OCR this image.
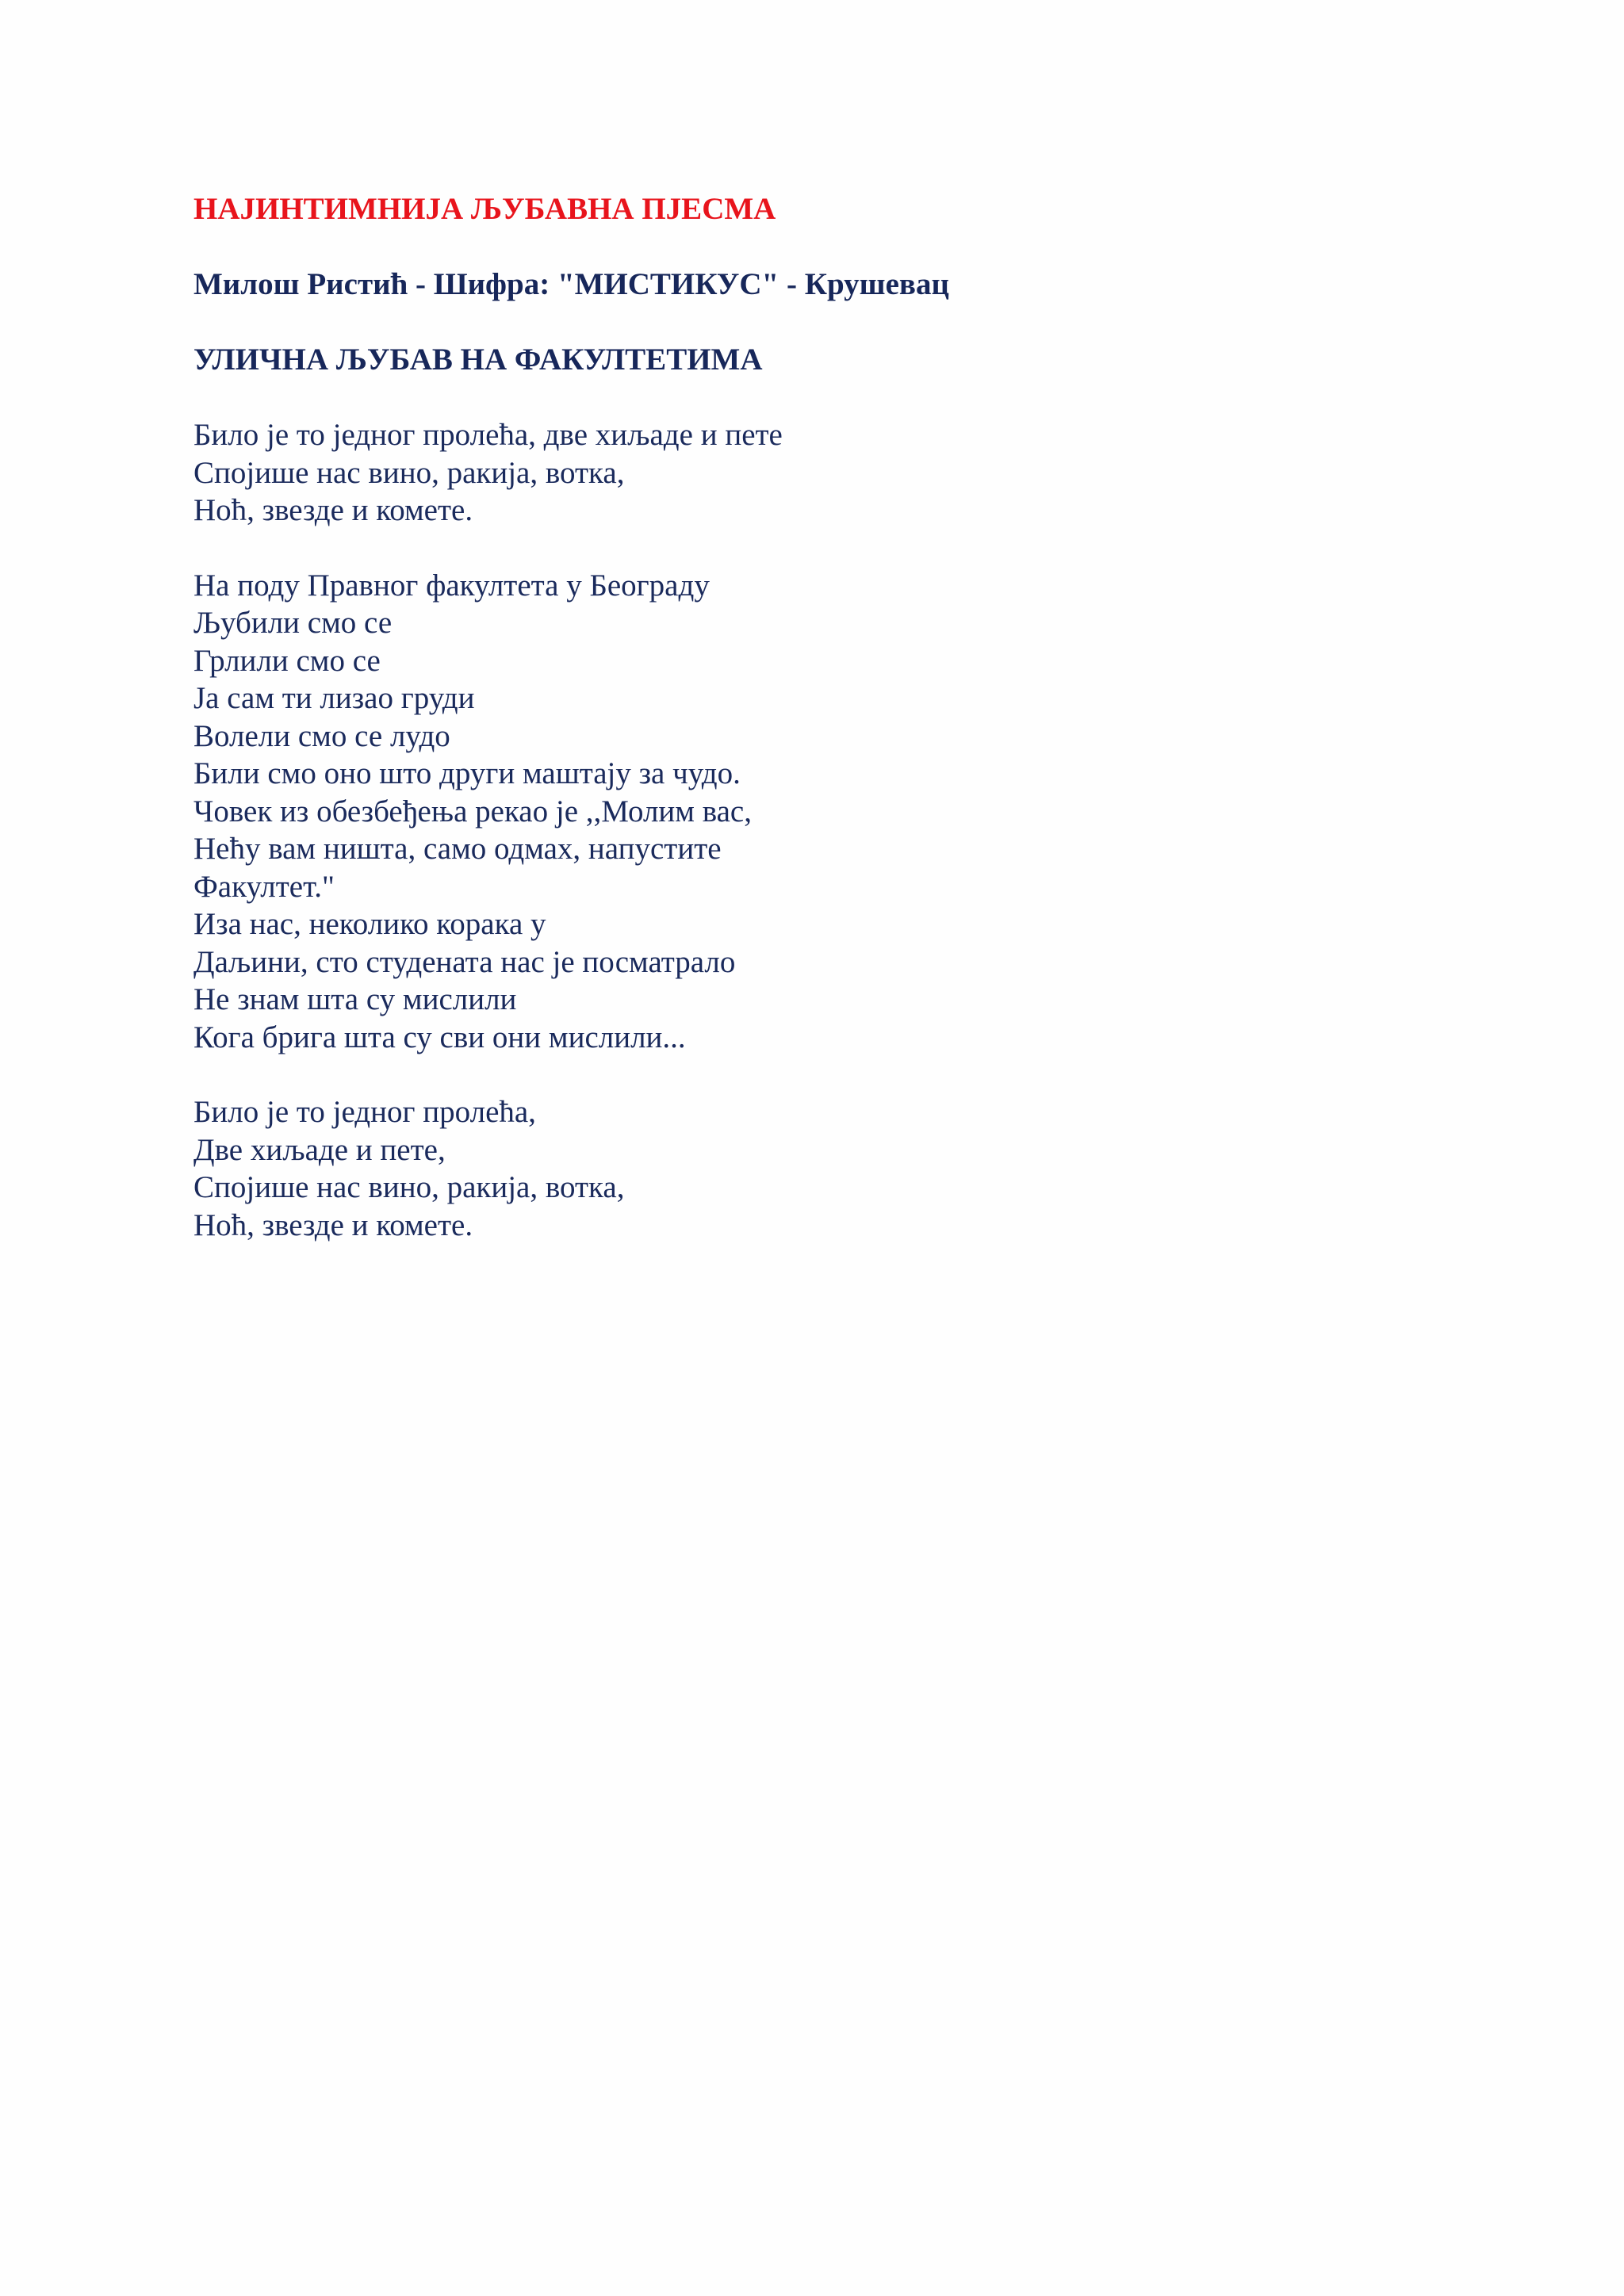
НАЈИНТИМНИЈА ЉУБАВНА ПЈЕСМА
Милош Ристић - Шифра: "МИСТИКУС" - Крушевац
УЛИЧНА ЉУБАВ НА ФАКУЛТЕТИМА
Било је то једног пролећа, две хиљаде и пете
Спојише нас вино, ракија, вотка,
Ноћ, звезде и комете.
На поду Правног факултета у Београду
Љубили смо се
Грлили смо се
Ја сам ти лизао груди
Волели смо се лудо
Били смо оно што други маштају за чудо.
Човек из обезбеђења рекао је ,,Молим вас,
Нећу вам ништа, само одмах, напустите
Факултет."
Иза нас, неколико корака у
Даљини, сто студената нас је посматрало
Не знам шта су мислили
Кога брига шта су сви они мислили...
Било је то једног пролећа,
Две хиљаде и пете,
Спојише нас вино, ракија, вотка,
Ноћ, звезде и комете.
